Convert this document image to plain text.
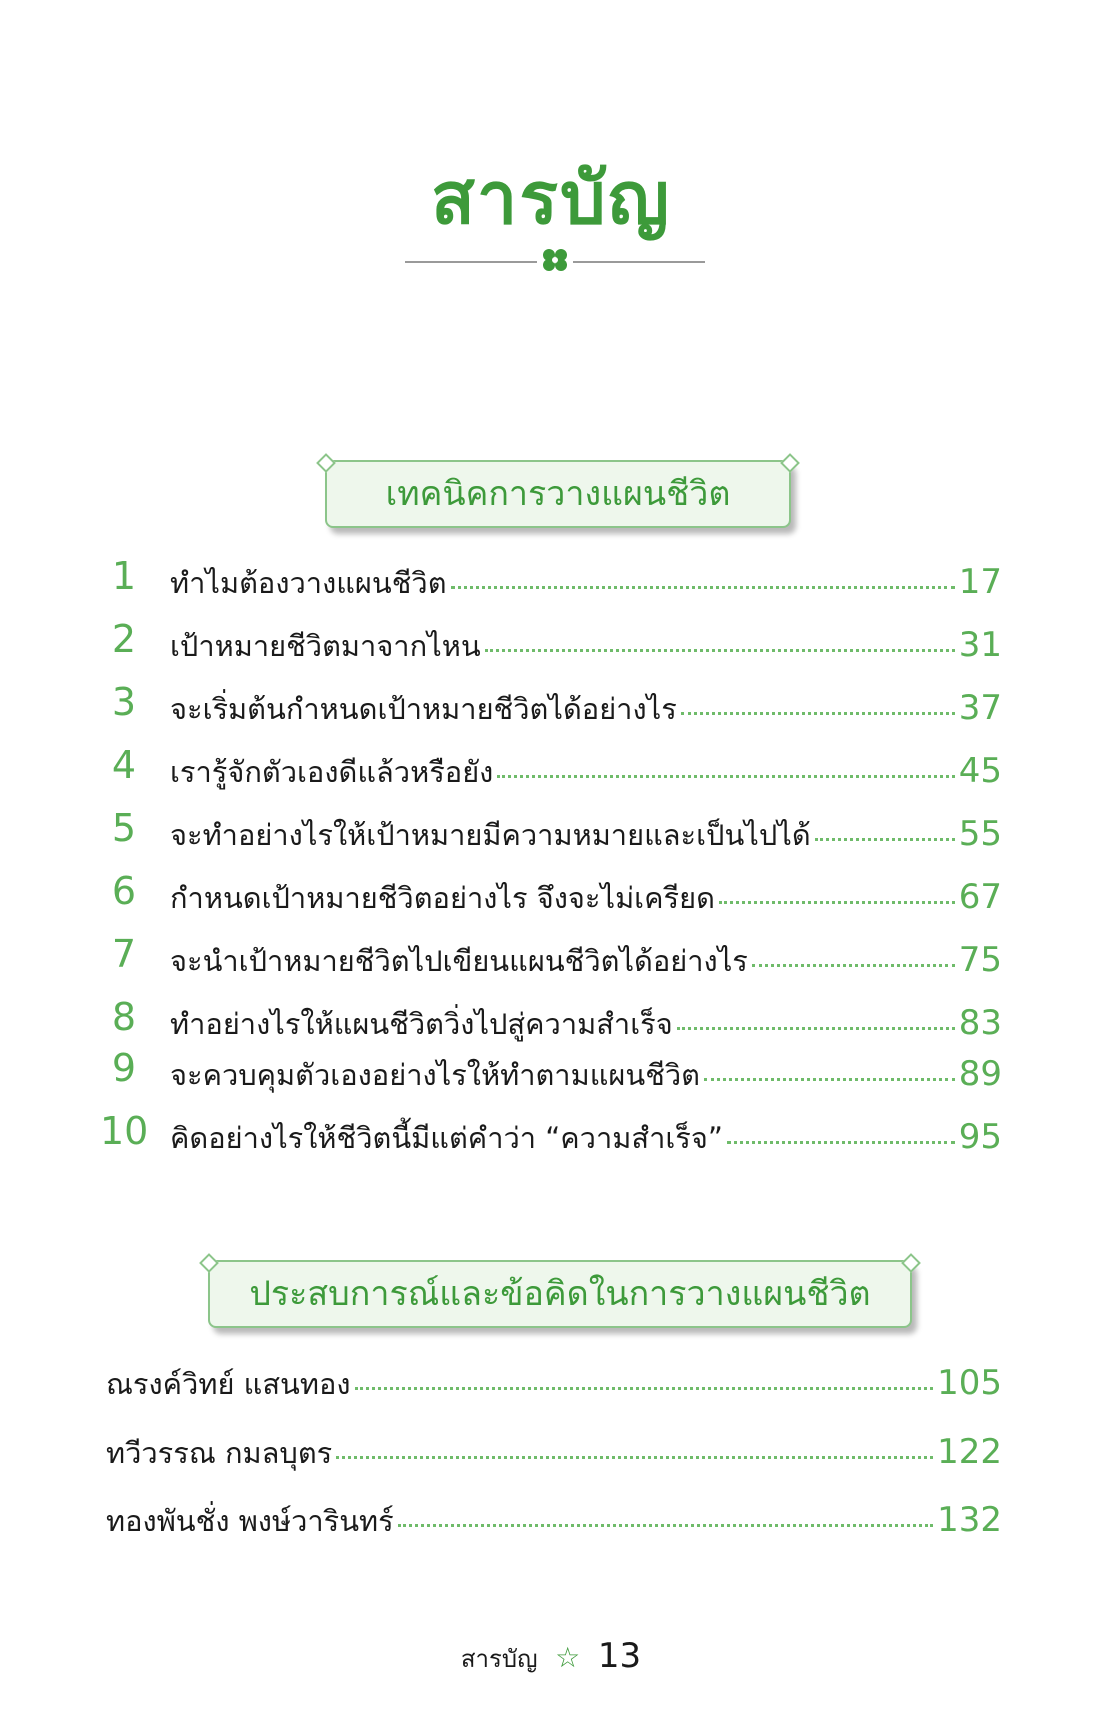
สารบัญ
เทคนิคการวางแผนชีวิต
1	ทำไมต้องวางแผนชีวิต	17
2	เป้าหมายชีวิตมาจากไหน	31
3	จะเริ่มต้นกำหนดเป้าหมายชีวิตได้อย่างไร	37
4	เรารู้จักตัวเองดีแล้วหรือยัง	45
5	จะทำอย่างไรให้เป้าหมายมีความหมายและเป็นไปได้	55
6	กำหนดเป้าหมายชีวิตอย่างไร จึงจะไม่เครียด	67
7	จะนำเป้าหมายชีวิตไปเขียนแผนชีวิตได้อย่างไร	75
8	ทำอย่างไรให้แผนชีวิตวิ่งไปสู่ความสำเร็จ	83
9	จะควบคุมตัวเองอย่างไรให้ทำตามแผนชีวิต	89
10 คิดอย่างไรให้ชีวิตนี้มีแต่คำว่า “ความสำเร็จ”	95
ประสบการณ์และข้อคิดในการวางแผนชีวิต
ณรงค์วิทย์ แสนทอง	105
ทวีวรรณ กมลบุตร	122
ทองพันชั่ง พงษ์วารินทร์	132
สารบัญ ☆ 13
